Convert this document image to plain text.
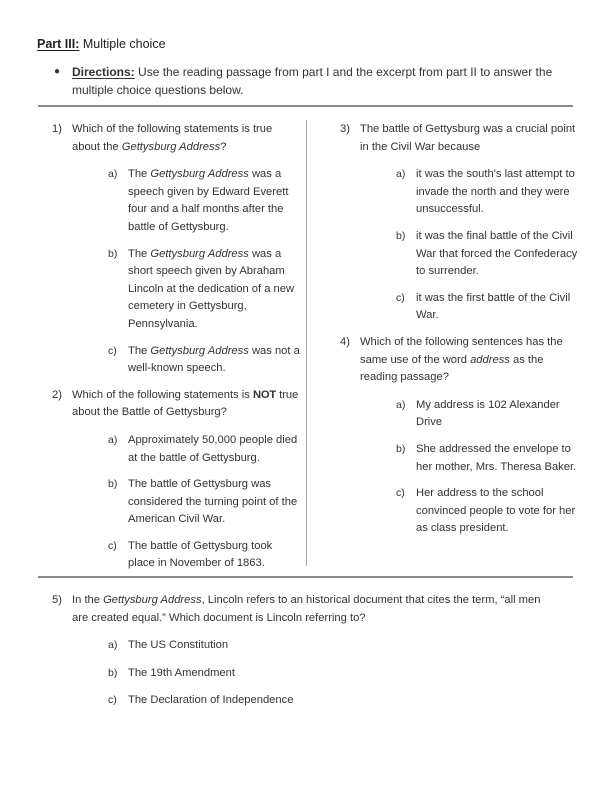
Part III: Multiple choice
● Directions: Use the reading passage from part I and the excerpt from part II to answer the multiple choice questions below.
1) Which of the following statements is true about the Gettysburg Address?
a) The Gettysburg Address was a speech given by Edward Everett four and a half months after the battle of Gettysburg.
b) The Gettysburg Address was a short speech given by Abraham Lincoln at the dedication of a new cemetery in Gettysburg, Pennsylvania.
c) The Gettysburg Address was not a well-known speech.
2) Which of the following statements is NOT true about the Battle of Gettysburg?
a) Approximately 50,000 people died at the battle of Gettysburg.
b) The battle of Gettysburg was considered the turning point of the American Civil War.
c) The battle of Gettysburg took place in November of 1863.
3) The battle of Gettysburg was a crucial point in the Civil War because
a) it was the south's last attempt to invade the north and they were unsuccessful.
b) it was the final battle of the Civil War that forced the Confederacy to surrender.
c) it was the first battle of the Civil War.
4) Which of the following sentences has the same use of the word address as the reading passage?
a) My address is 102 Alexander Drive
b) She addressed the envelope to her mother, Mrs. Theresa Baker.
c) Her address to the school convinced people to vote for her as class president.
5) In the Gettysburg Address, Lincoln refers to an historical document that cites the term, “all men are created equal.” Which document is Lincoln referring to?
a) The US Constitution
b) The 19th Amendment
c) The Declaration of Independence
